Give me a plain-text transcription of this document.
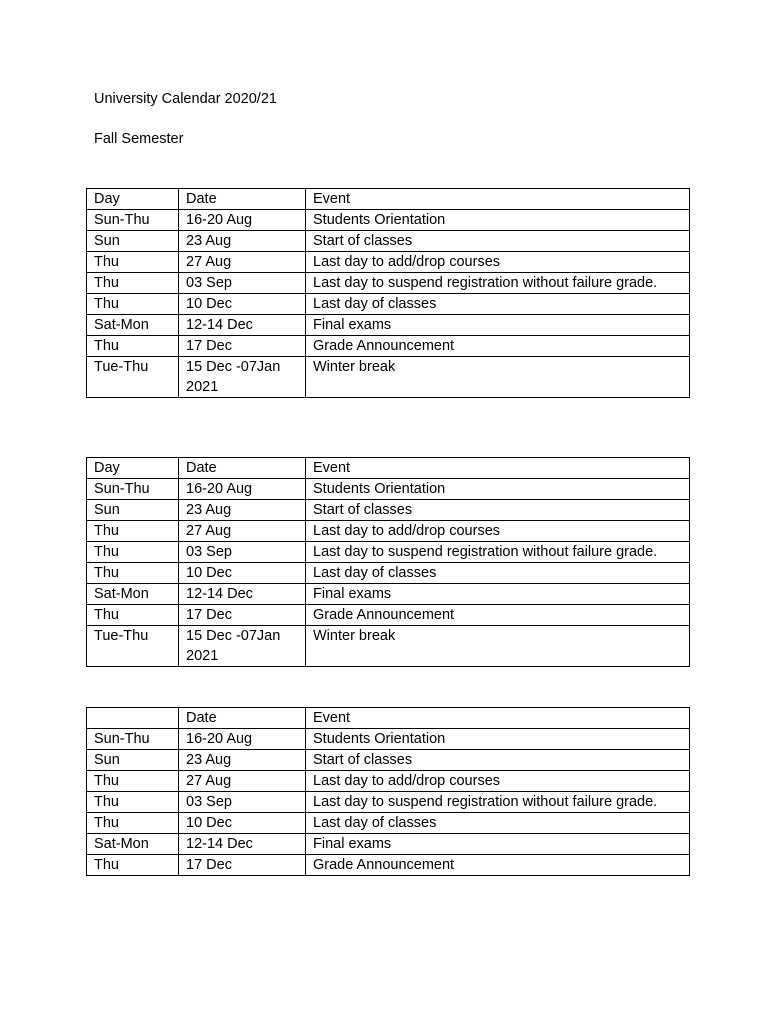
University Calendar 2020/21

Fall Semester

Day	Date	Event
Sun-Thu	16-20 Aug	Students Orientation
Sun	23 Aug	Start of classes
Thu	27 Aug	Last day to add/drop courses
Thu	03 Sep	Last day to suspend registration without failure grade.
Thu	10 Dec	Last day of classes
Sat-Mon	12-14 Dec	Final exams
Thu	17 Dec	Grade Announcement
Tue-Thu	15 Dec -07Jan 2021	Winter break
Day	Date	Event
Sun-Thu	16-20 Aug	Students Orientation
Sun	23 Aug	Start of classes
Thu	27 Aug	Last day to add/drop courses
Thu	03 Sep	Last day to suspend registration without failure grade.
Thu	10 Dec	Last day of classes
Sat-Mon	12-14 Dec	Final exams
Thu	17 Dec	Grade Announcement
Tue-Thu	15 Dec -07Jan 2021	Winter break
	Date	Event
Sun-Thu	16-20 Aug	Students Orientation
Sun	23 Aug	Start of classes
Thu	27 Aug	Last day to add/drop courses
Thu	03 Sep	Last day to suspend registration without failure grade.
Thu	10 Dec	Last day of classes
Sat-Mon	12-14 Dec	Final exams
Thu	17 Dec	Grade Announcement
